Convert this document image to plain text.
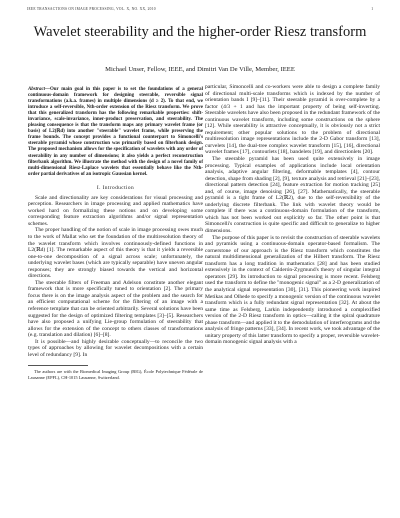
IEEE TRANSACTIONS ON IMAGE PROCESSING, VOL. X, NO. XX, 2010	1
Wavelet steerability and the higher-order Riesz transform
Michael Unser, Fellow, IEEE, and Dimitri Van De Ville, Member, IEEE

Abstract—Our main goal in this paper is to set the foundations of a general continuous-domain framework for designing steerable, reversible signal transformations (a.k.a. frames) in multiple dimensions (d ≥ 2). To that end, we introduce a self-reversible, Nth-order extension of the Riesz transform. We prove that this generalized transform has the following remarkable properties: shift-invariance, scale-invariance, inner-product preservation, and steerability. The pleasing consequence is that the transform maps any primary wavelet frame (or basis) of L2(ℝd) into another "steerable" wavelet frame, while preserving the frame bounds. The concept provides a functional counterpart to Simoncelli's steerable pyramid whose construction was primarily based on filterbank design. The proposed mechanism allows for the specification of wavelets with any order of steerability in any number of dimensions; it also yields a perfect reconstruction filterbank algorithm. We illustrate the method with the design of a novel family of multi-dimensional Riesz-Laplace wavelets that essentially behave like the Nth-order partial derivatives of an isotropic Gaussian kernel.

I. Introduction

Scale and directionality are key considerations for visual processing and perception. Researchers in image processing and applied mathematics have worked hard on formalizing these notions and on developing some corresponding feature extraction algorithms and/or signal representation schemes.

The proper handling of the notion of scale in image processing owes much to the work of Mallat who set the foundation of the multiresolution theory of the wavelet transform which involves continuously-defined functions in L2(ℝd) [1]. The remarkable aspect of this theory is that it yields a reversible one-to-one decomposition of a signal across scale; unfortunately, the underlying wavelet bases (which are typically separable) have uneven angular responses; they are strongly biased towards the vertical and horizontal directions.

The steerable filters of Freeman and Adelson constitute another elegant framework that is more specifically tuned to orientation [2]. The primary focus there is on the image analysis aspect of the problem and the search for an efficient computational scheme for the filtering of an image with a reference template that can be oriented arbitrarily. Several solutions have been suggested for the design of optimized filtering templates [3]–[5]. Researchers have also proposed a unifying Lie-group formulation of steerability that allows for the extension of the concept to others classes of transformations (e.g. translation and dilation) [6]–[8].

It is possible—and highly desirable conceptually—to reconcile the two types of approaches by allowing for wavelet decompositions with a certain level of redundancy [9]. In

The authors are with the Biomedical Imaging Group (BIG), École Polytechnique Fédérale de Lausanne (EPFL), CH-1015 Lausanne, Switzerland.

particular, Simoncelli and co-workers were able to design a complete family of directional multi-scale transforms which is indexed by the number of orientation bands I [9]–[11]. Their steerable pyramid is over-complete by a factor (4/3 + 1 and has the important property of being self-inverting. Steerable wavelets have also been proposed in the redundant framework of the continuous wavelet transform, including some constructions on the sphere [12]. While steerability is attractive conceptually, it is obviously not a strict requirement; other popular solutions to the problem of directional multiresolution image representations include the 2-D Gabor transform [13], curvelets [14], the dual-tree complex wavelet transform [15], [16], directional wavelet frames [17], contourlets [18], bandelets [19], and directionlets [20].

The steerable pyramid has been used quite extensively in image processing. Typical examples of applications include local orientation analysis, adaptive angular filtering, deformable templates [4], contour detection, shape from shading [2], [9], texture analysis and retrieval [21]–[23], directional pattern detection [24], feature extraction for motion tracking [25] and, of course, image denoising [26], [27]. Mathematically, the steerable pyramid is a tight frame of L2(ℝ2), due to the self-reversibility of the underlying discrete filterbank. The link with wavelet theory would be complete if there was a continuous-domain formulation of the transform, which has not been worked out explicitly so far. The other point is that Simoncelli's construction is quite specific and difficult to generalize to higher dimensions.

The purpose of this paper is to revisit the construction of steerable wavelets and pyramids using a continuous-domain operator-based formalism. The cornerstone of our approach is the Riesz transform which constitutes the natural multidimensional generalization of the Hilbert transform. The Riesz transform has a long tradition in mathematics [28] and has been studied extensively in the context of Calderón-Zygmund's theory of singular integral operators [29]. Its introduction to signal processing is more recent. Felsberg used the transform to define the "monogenic signal" as a 2-D generalization of the analytical signal representation [30], [31]. This pioneering work inspired Metikas and Olhede to specify a monogenic version of the continuous wavelet transform which is a fully redundant signal representation [32]. At about the same time as Felsberg, Larkin independently introduced a complexified version of the 2-D Riesz transform in optics—calling it the spiral quadrature phase transform—and applied it to the demodulation of interferograms and the analysis of fringe patterns [33], [34]. In recent work, we took advantage of the unitary property of this latter transform to specify a proper, reversible wavelet-domain monogenic signal analysis with a
